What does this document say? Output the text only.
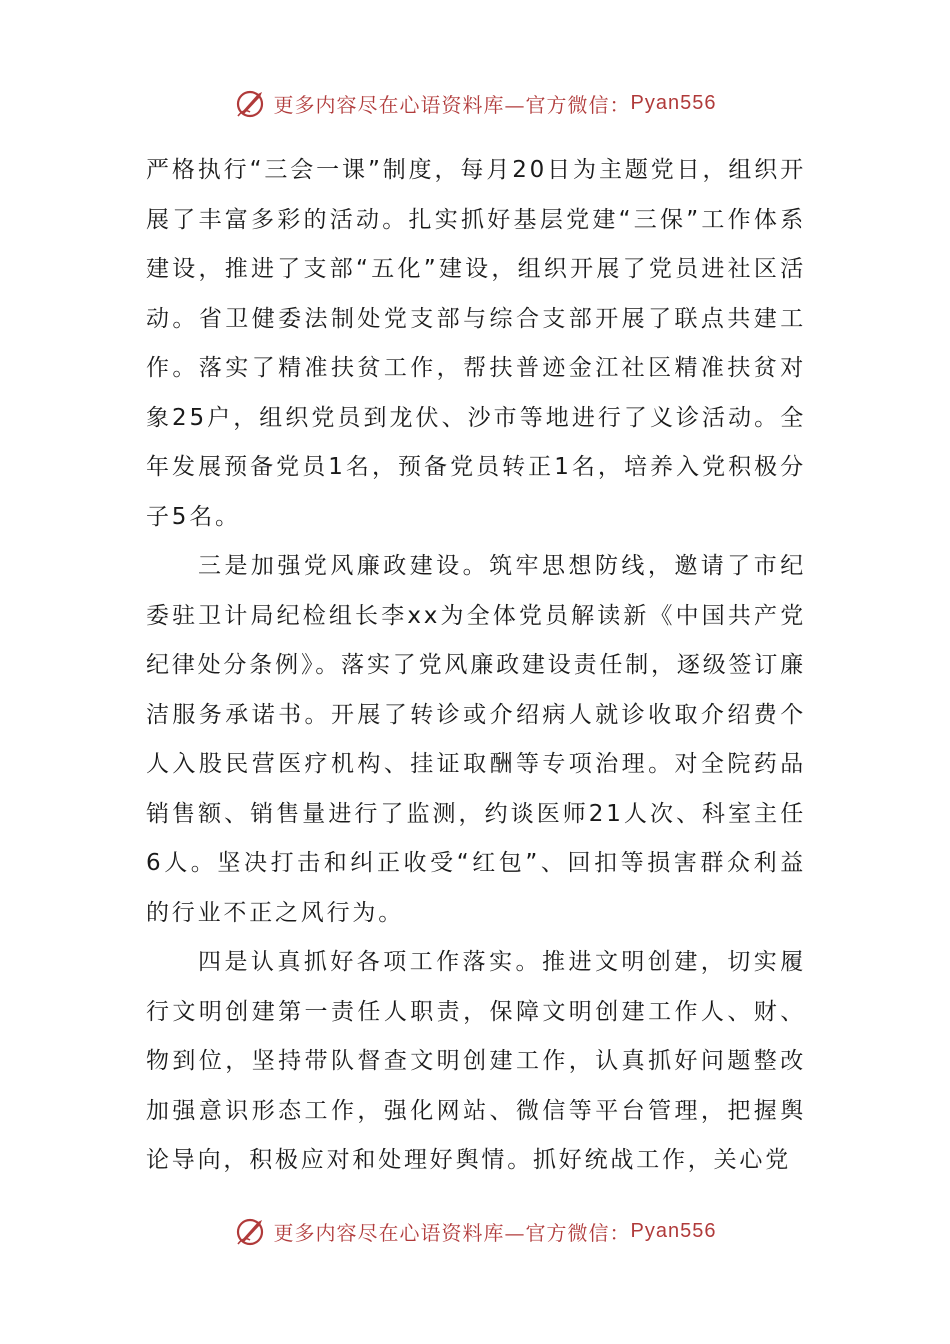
更多内容尽在心语资料库—官方微信： Pyan556

严格执行“三会一课”制度，每月20日为主题党日，组织开展了丰富多彩的活动。扎实抓好基层党建“三保”工作体系建设，推进了支部“五化”建设，组织开展了党员进社区活动。省卫健委法制处党支部与综合支部开展了联点共建工作。落实了精准扶贫工作，帮扶普迹金江社区精准扶贫对象25户，组织党员到龙伏、沙市等地进行了义诊活动。全年发展预备党员1名，预备党员转正1名，培养入党积极分子5名。

三是加强党风廉政建设。筑牢思想防线，邀请了市纪委驻卫计局纪检组长李xx为全体党员解读新《中国共产党纪律处分条例》。落实了党风廉政建设责任制，逐级签订廉洁服务承诺书。开展了转诊或介绍病人就诊收取介绍费个人入股民营医疗机构、挂证取酬等专项治理。对全院药品销售额、销售量进行了监测，约谈医师21人次、科室主任6人。坚决打击和纠正收受“红包”、回扣等损害群众利益的行业不正之风行为。

四是认真抓好各项工作落实。推进文明创建，切实履行文明创建第一责任人职责，保障文明创建工作人、财、物到位，坚持带队督查文明创建工作，认真抓好问题整改加强意识形态工作，强化网站、微信等平台管理，把握舆论导向，积极应对和处理好舆情。抓好统战工作，关心党

更多内容尽在心语资料库—官方微信： Pyan556
